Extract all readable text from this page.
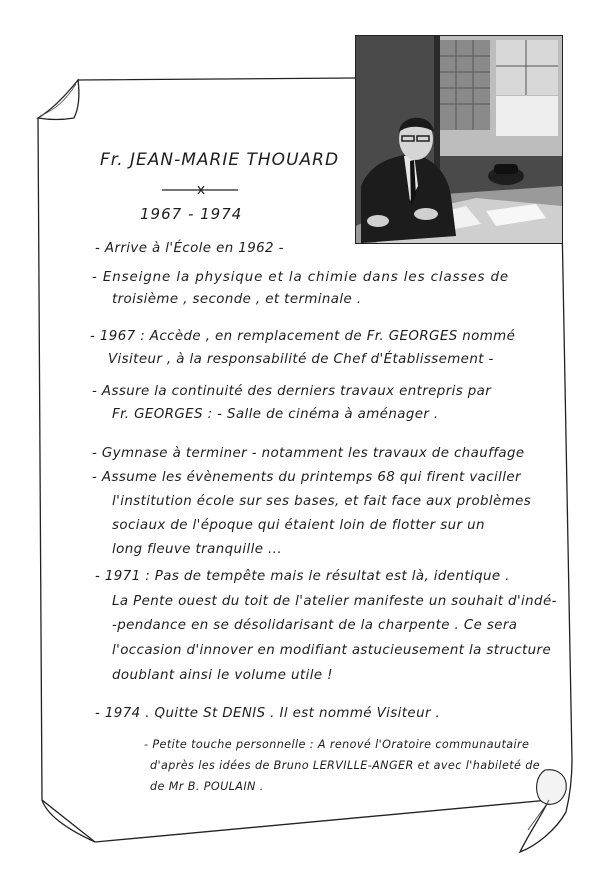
Fr. JEAN-MARIE THOUARD
1967 - 1974
- Arrive à l'École en 1962 -
- Enseigne la physique et la chimie dans les classes de
troisième , seconde , et terminale .
- 1967 : Accède , en remplacement de Fr. GEORGES nommé
Visiteur , à la responsabilité de Chef d'Établissement -
- Assure la continuité des derniers travaux entrepris par
Fr. GEORGES : - Salle de cinéma à aménager .
- Gymnase à terminer - notamment les travaux de chauffage
- Assume les évènements du printemps 68 qui firent vaciller
l'institution école sur ses bases, et fait face aux problèmes
sociaux de l'époque qui étaient loin de flotter sur un
long fleuve tranquille ...
- 1971 : Pas de tempête mais le résultat est là, identique .
La Pente ouest du toit de l'atelier manifeste un souhait d'indé-
-pendance en se désolidarisant de la charpente . Ce sera
l'occasion d'innover en modifiant astucieusement la structure
doublant ainsi le volume utile !
- 1974 . Quitte St DENIS . Il est nommé Visiteur .
- Petite touche personnelle : A renové l'Oratoire communautaire
d'après les idées de Bruno LERVILLE-ANGER et avec l'habileté de
de Mr B. POULAIN .
